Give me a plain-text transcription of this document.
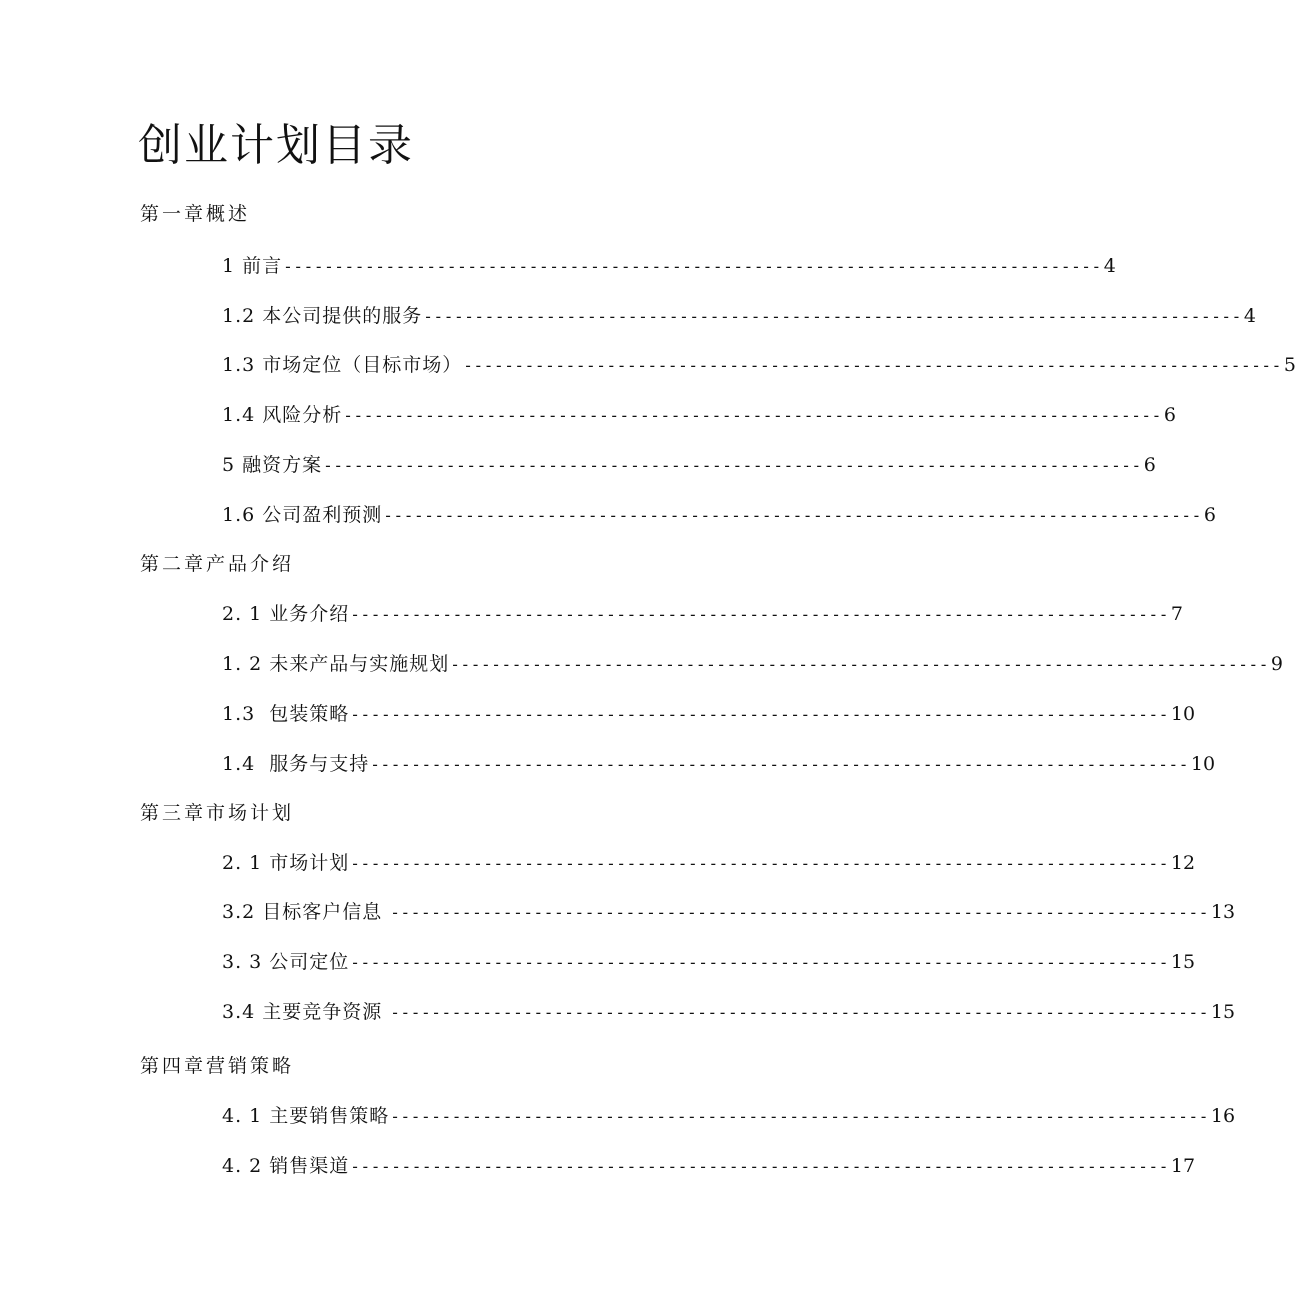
创业计划目录
第一章概述
1 前言 -------------------------------------------------------------------------------- 4
1.2 本公司提供的服务 -------------------------------------------------------------------------------- 4
1.3 市场定位（目标市场） -------------------------------------------------------------------------------- 5
1.4 风险分析 -------------------------------------------------------------------------------- 6
5 融资方案 -------------------------------------------------------------------------------- 6
1.6 公司盈利预测 -------------------------------------------------------------------------------- 6
第二章产品介绍
2. 1 业务介绍 -------------------------------------------------------------------------------- 7
1. 2 未来产品与实施规划 -------------------------------------------------------------------------------- 9
1.3  包装策略 -------------------------------------------------------------------------------- 10
1.4  服务与支持 -------------------------------------------------------------------------------- 10
第三章市场计划
2. 1 市场计划 -------------------------------------------------------------------------------- 12
3.2 目标客户信息 -------------------------------------------------------------------------------- 13
3. 3 公司定位 -------------------------------------------------------------------------------- 15
3.4 主要竞争资源 -------------------------------------------------------------------------------- 15
第四章营销策略
4. 1 主要销售策略 -------------------------------------------------------------------------------- 16
4. 2 销售渠道 -------------------------------------------------------------------------------- 17
